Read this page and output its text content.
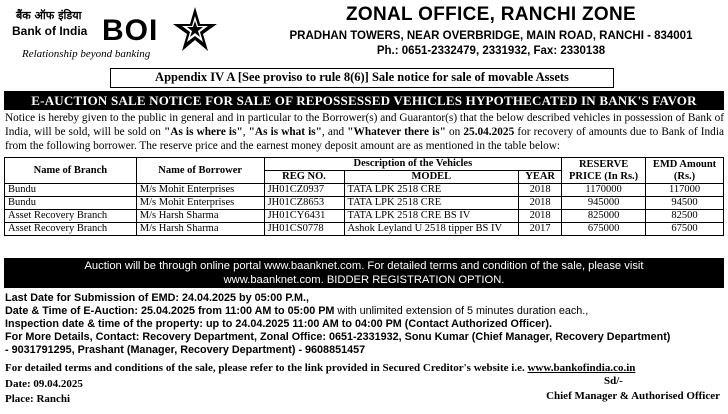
बैंक ऑफ इंडिया
Bank of India BOI
Relationship beyond banking
ZONAL OFFICE, RANCHI ZONE
PRADHAN TOWERS, NEAR OVERBRIDGE, MAIN ROAD, RANCHI - 834001
Ph.: 0651-2332479, 2331932, Fax: 2330138
Appendix IV A [See proviso to rule 8(6)] Sale notice for sale of movable Assets
E-AUCTION SALE NOTICE FOR SALE OF REPOSSESSED VEHICLES HYPOTHECATED IN BANK'S FAVOR
Notice is hereby given to the public in general and in particular to the Borrower(s) and Guarantor(s) that the below described vehicles in possession of Bank of India, will be sold, will be sold on "As is where is", "As is what is", and "Whatever there is" on 25.04.2025 for recovery of amounts due to Bank of India from the following borrower. The reserve price and the earnest money deposit amount are as mentioned in the table below:
Name of Branch	Name of Borrower	Description of the Vehicles			RESERVE PRICE (In Rs.)	EMD Amount (Rs.)
		REG NO.	MODEL	YEAR		
Bundu	M/s Mohit Enterprises	JH01CZ0937	TATA LPK 2518 CRE	2018	1170000	117000
Bundu	M/s Mohit Enterprises	JH01CZ8653	TATA LPK 2518 CRE	2018	945000	94500
Asset Recovery Branch	M/s Harsh Sharma	JH01CY6431	TATA LPK 2518 CRE BS IV	2018	825000	82500
Asset Recovery Branch	M/s Harsh Sharma	JH01CS0778	Ashok Leyland U 2518 tipper BS IV	2017	675000	67500
Auction will be through online portal www.baanknet.com. For detailed terms and condition of the sale, please visit
www.baanknet.com. BIDDER REGISTRATION OPTION.
Last Date for Submission of EMD: 24.04.2025 by 05:00 P.M.,
Date & Time of E-Auction: 25.04.2025 from 11:00 AM to 05:00 PM with unlimited extension of 5 minutes duration each.,
Inspection date & time of the property: up to 24.04.2025 11:00 AM to 04:00 PM (Contact Authorized Officer).
For More Details, Contact: Recovery Department, Zonal Office: 0651-2331932, Sonu Kumar (Chief Manager, Recovery Department)
- 9031791295, Prashant (Manager, Recovery Department) - 9608851457
For detailed terms and conditions of the sale, please refer to the link provided in Secured Creditor's website i.e. www.bankofindia.co.in
Date: 09.04.2025
Place: Ranchi
Sd/-
Chief Manager & Authorised Officer
